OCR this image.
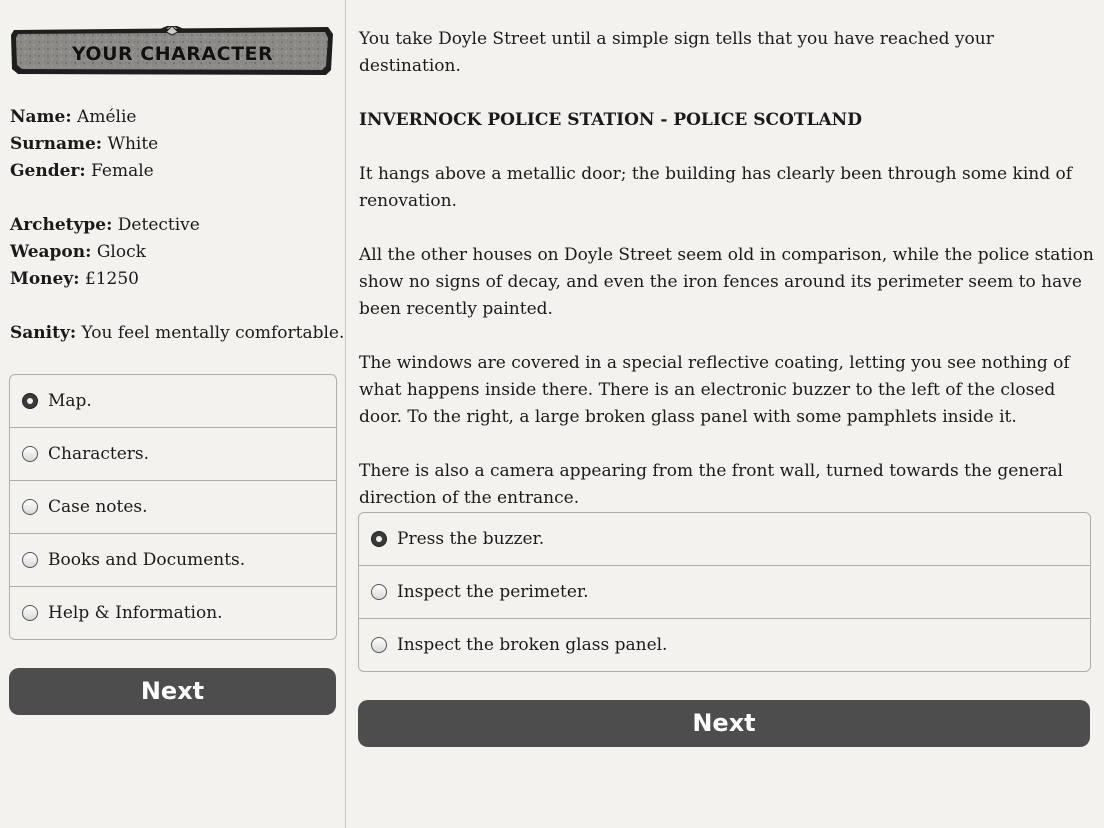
YOUR CHARACTER
Name: Amélie
Surname: White
Gender: Female
Archetype: Detective
Weapon: Glock
Money: £1250
Sanity: You feel mentally comfortable.
Map.
Characters.
Case notes.
Books and Documents.
Help & Information.
Next

You take Doyle Street until a simple sign tells that you have reached your destination.

INVERNOCK POLICE STATION - POLICE SCOTLAND

It hangs above a metallic door; the building has clearly been through some kind of renovation.

All the other houses on Doyle Street seem old in comparison, while the police station show no signs of decay, and even the iron fences around its perimeter seem to have been recently painted.

The windows are covered in a special reflective coating, letting you see nothing of what happens inside there. There is an electronic buzzer to the left of the closed door. To the right, a large broken glass panel with some pamphlets inside it.

There is also a camera appearing from the front wall, turned towards the general direction of the entrance.

Press the buzzer.
Inspect the perimeter.
Inspect the broken glass panel.
Next
